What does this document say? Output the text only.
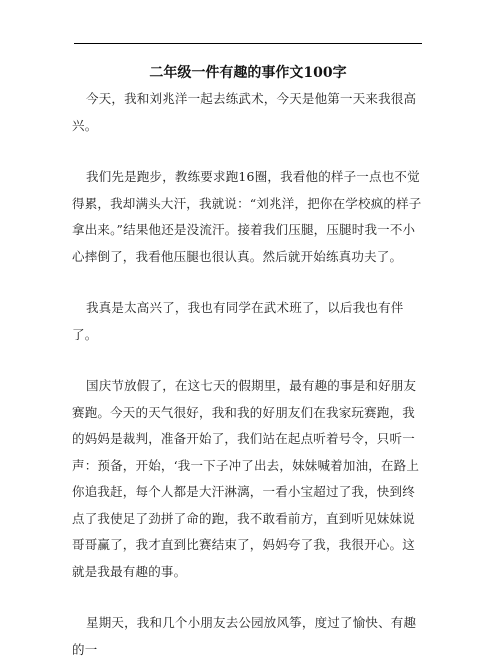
二年级一件有趣的事作文100字

今天，我和刘兆洋一起去练武术，今天是他第一天来我很高兴。

我们先是跑步，教练要求跑16圈，我看他的样子一点也不觉得累，我却满头大汗，我就说：“刘兆洋，把你在学校疯的样子拿出来。”结果他还是没流汗。接着我们压腿，压腿时我一不小心摔倒了，我看他压腿也很认真。然后就开始练真功夫了。

我真是太高兴了，我也有同学在武术班了，以后我也有伴了。

国庆节放假了，在这七天的假期里，最有趣的事是和好朋友赛跑。今天的天气很好，我和我的好朋友们在我家玩赛跑，我的妈妈是裁判，准备开始了，我们站在起点听着号令，只听一声：预备，开始，‘我一下子冲了出去，妹妹喊着加油，在路上你追我赶，每个人都是大汗淋漓，一看小宝超过了我，快到终点了我使足了劲拼了命的跑，我不敢看前方，直到听见妹妹说哥哥赢了，我才直到比赛结束了，妈妈夸了我，我很开心。这就是我最有趣的事。

星期天，我和几个小朋友去公园放风筝，度过了愉快、有趣的一
